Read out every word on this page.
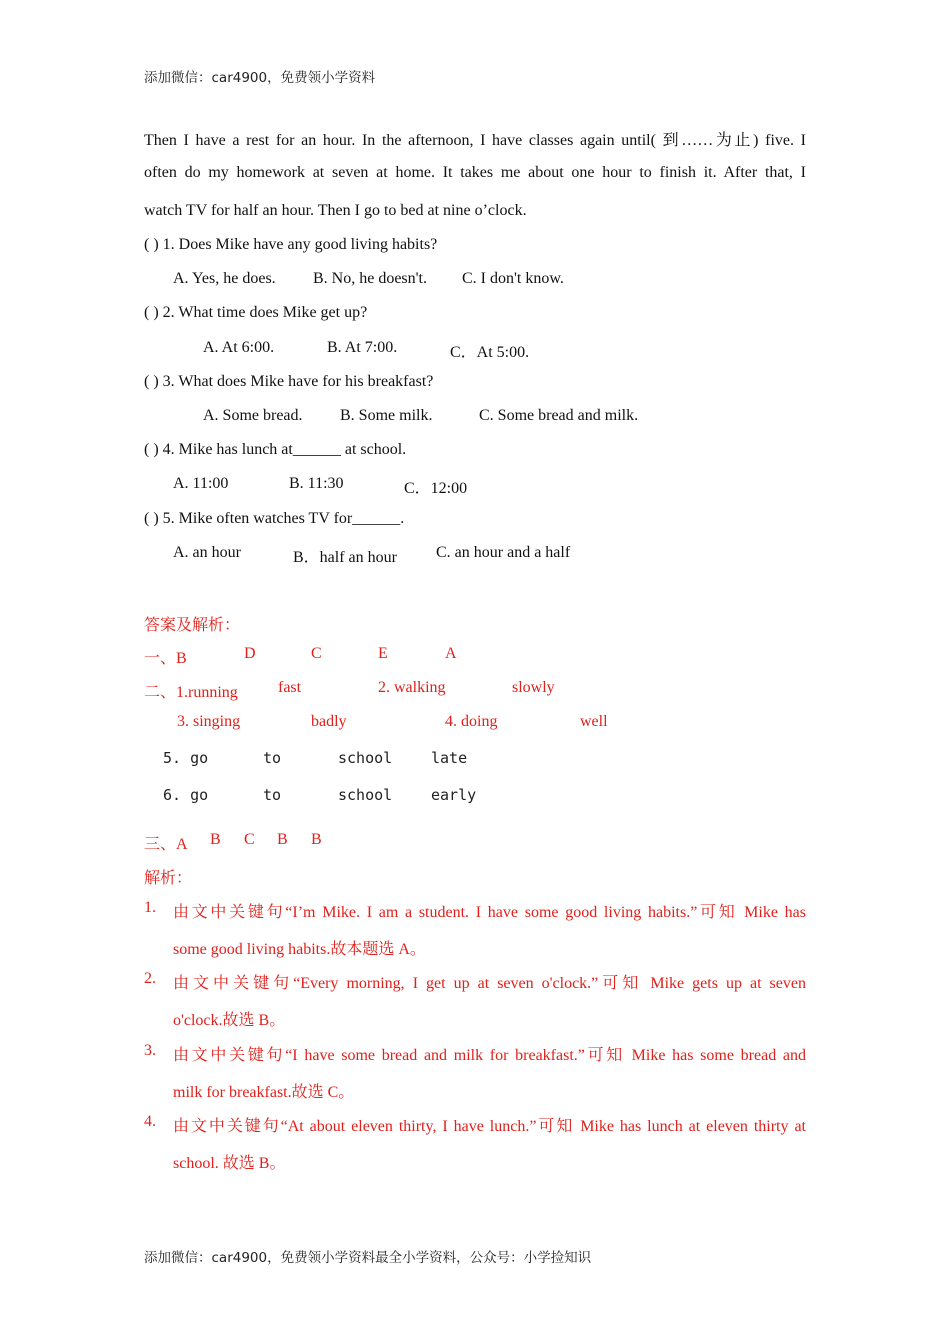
添加微信：car4900，免费领小学资料
Then I have a rest for an hour. In the afternoon, I have classes again until( 到……为止) five. I
often do my homework at seven at home. It takes me about one hour to finish it. After that, I
watch TV for half an hour. Then I go to bed at nine o’clock.
( ) 1. Does Mike have any good living habits?
A. Yes, he does. B. No, he doesn't. C. I don't know.
( ) 2. What time does Mike get up?
A. At 6:00.	B. At 7:00.	C．At 5:00.
( ) 3. What does Mike have for his breakfast?
A. Some bread. B. Some milk.	C. Some bread and milk.
( ) 4. Mike has lunch at______ at school.
A. 11:00	B. 11:30	C．12:00
( ) 5. Mike often watches TV for______.
A. an hour	B．half an hour C. an hour and a half
答案及解析：
一、B	D	C	E	A
二、1.running	fast	2. walking	slowly
3. singing	badly	4. doing	well
5. go	to	school	late
6. go	to	school	early
三、A B C B B
解析：
1. 由文中关键句“I’m Mike. I am a student. I have some good living habits.”可知 Mike has
some good living habits.故本题选 A。
2. 由文中关键句“Every morning, I get up at seven o'clock.”可知 Mike gets up at seven
o'clock.故选 B。
3. 由文中关键句“I have some bread and milk for breakfast.”可知 Mike has some bread and
milk for breakfast.故选 C。
4. 由文中关键句“At about eleven thirty, I have lunch.”可知 Mike has lunch at eleven thirty at
school. 故选 B。
添加微信：car4900，免费领小学资料最全小学资料，公众号：小学捡知识
